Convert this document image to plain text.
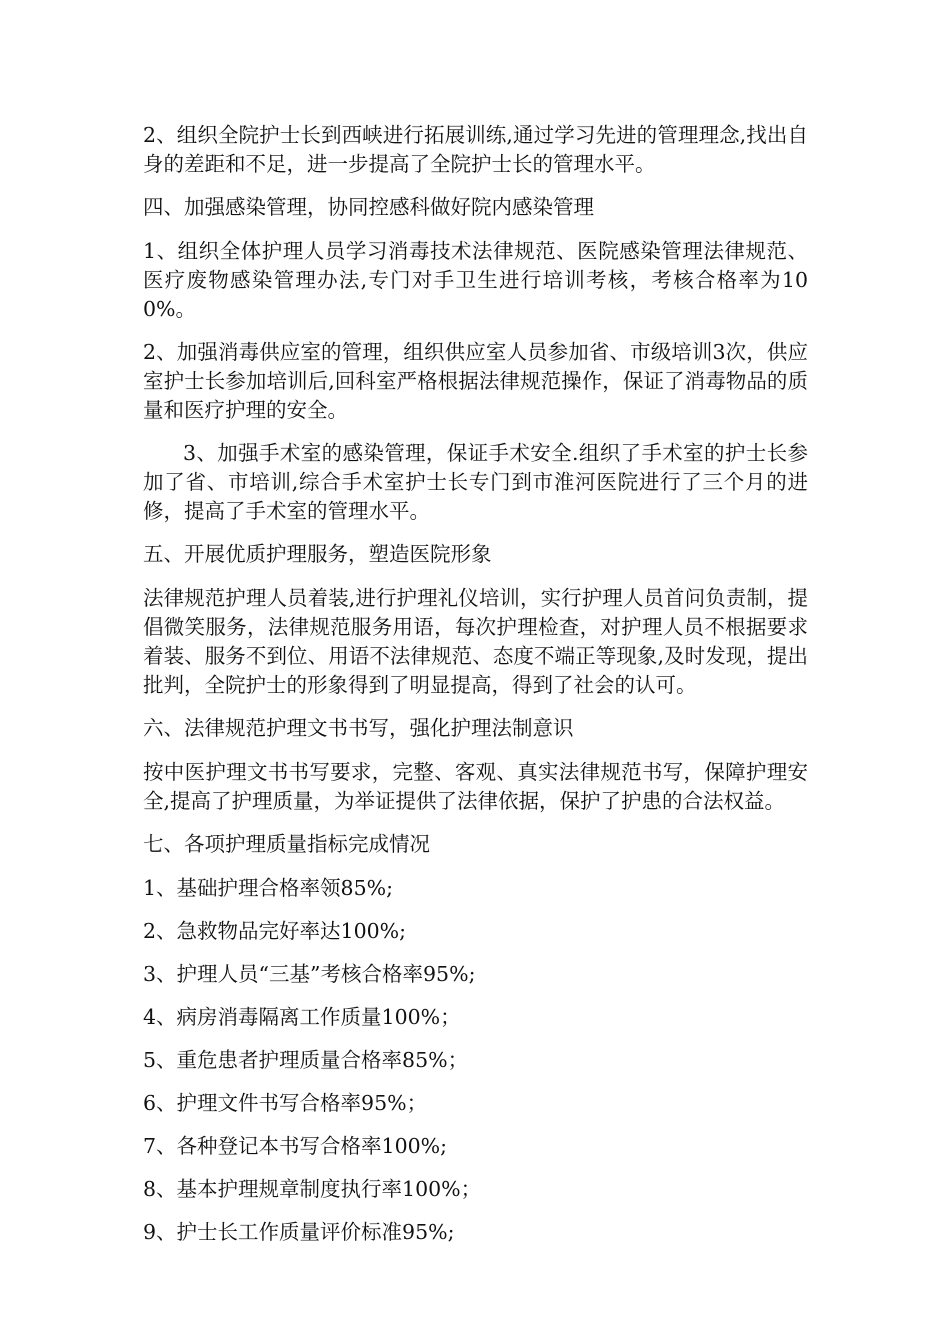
2、组织全院护士长到西峡进行拓展训练,通过学习先进的管理理念,找出自身的差距和不足，进一步提高了全院护士长的管理水平。

四、加强感染管理，协同控感科做好院内感染管理

1、组织全体护理人员学习消毒技术法律规范、医院感染管理法律规范、医疗废物感染管理办法,专门对手卫生进行培训考核，考核合格率为100%。

2、加强消毒供应室的管理，组织供应室人员参加省、市级培训3次，供应室护士长参加培训后,回科室严格根据法律规范操作，保证了消毒物品的质量和医疗护理的安全。

3、加强手术室的感染管理，保证手术安全.组织了手术室的护士长参加了省、市培训,综合手术室护士长专门到市淮河医院进行了三个月的进修，提高了手术室的管理水平。

五、开展优质护理服务，塑造医院形象

法律规范护理人员着装,进行护理礼仪培训，实行护理人员首问负责制，提倡微笑服务，法律规范服务用语，每次护理检查，对护理人员不根据要求着装、服务不到位、用语不法律规范、态度不端正等现象,及时发现，提出批判，全院护士的形象得到了明显提高，得到了社会的认可。

六、法律规范护理文书书写，强化护理法制意识

按中医护理文书书写要求，完整、客观、真实法律规范书写，保障护理安全,提高了护理质量，为举证提供了法律依据，保护了护患的合法权益。

七、各项护理质量指标完成情况

1、基础护理合格率领85%;

2、急救物品完好率达100%;

3、护理人员“三基”考核合格率95%;

4、病房消毒隔离工作质量100%；

5、重危患者护理质量合格率85%；

6、护理文件书写合格率95%；

7、各种登记本书写合格率100%;

8、基本护理规章制度执行率100%；

9、护士长工作质量评价标准95%;
